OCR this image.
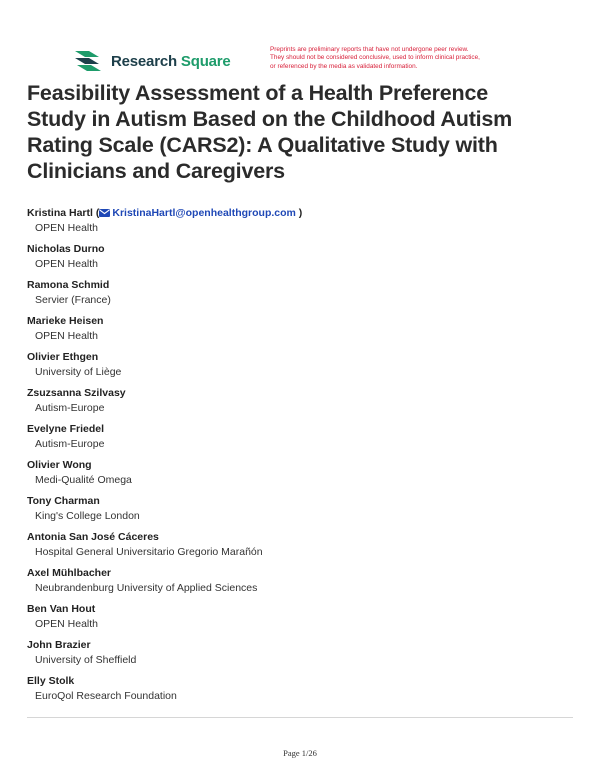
Research Square

Preprints are preliminary reports that have not undergone peer review.

They should not be considered conclusive, used to inform clinical practice,

or referenced by the media as validated information.

Feasibility Assessment of a Health Preference
Study in Autism Based on the Childhood Autism
Rating Scale (CARS2): A Qualitative Study with
Clinicians and Caregivers
Kristina Hartl ( KristinaHartl@openhealthgroup.com )
OPEN Health
Nicholas Durno
OPEN Health
Ramona Schmid
Servier (France)
Marieke Heisen
OPEN Health
Olivier Ethgen
University of Liège
Zsuzsanna Szilvasy
Autism-Europe
Evelyne Friedel
Autism-Europe
Olivier Wong
Medi-Qualité Omega
Tony Charman
King's College London
Antonia San José Cáceres
Hospital General Universitario Gregorio Marañón
Axel Mühlbacher
Neubrandenburg University of Applied Sciences
Ben Van Hout
OPEN Health
John Brazier
University of Sheffield
Elly Stolk
EuroQol Research Foundation
Page 1/26
